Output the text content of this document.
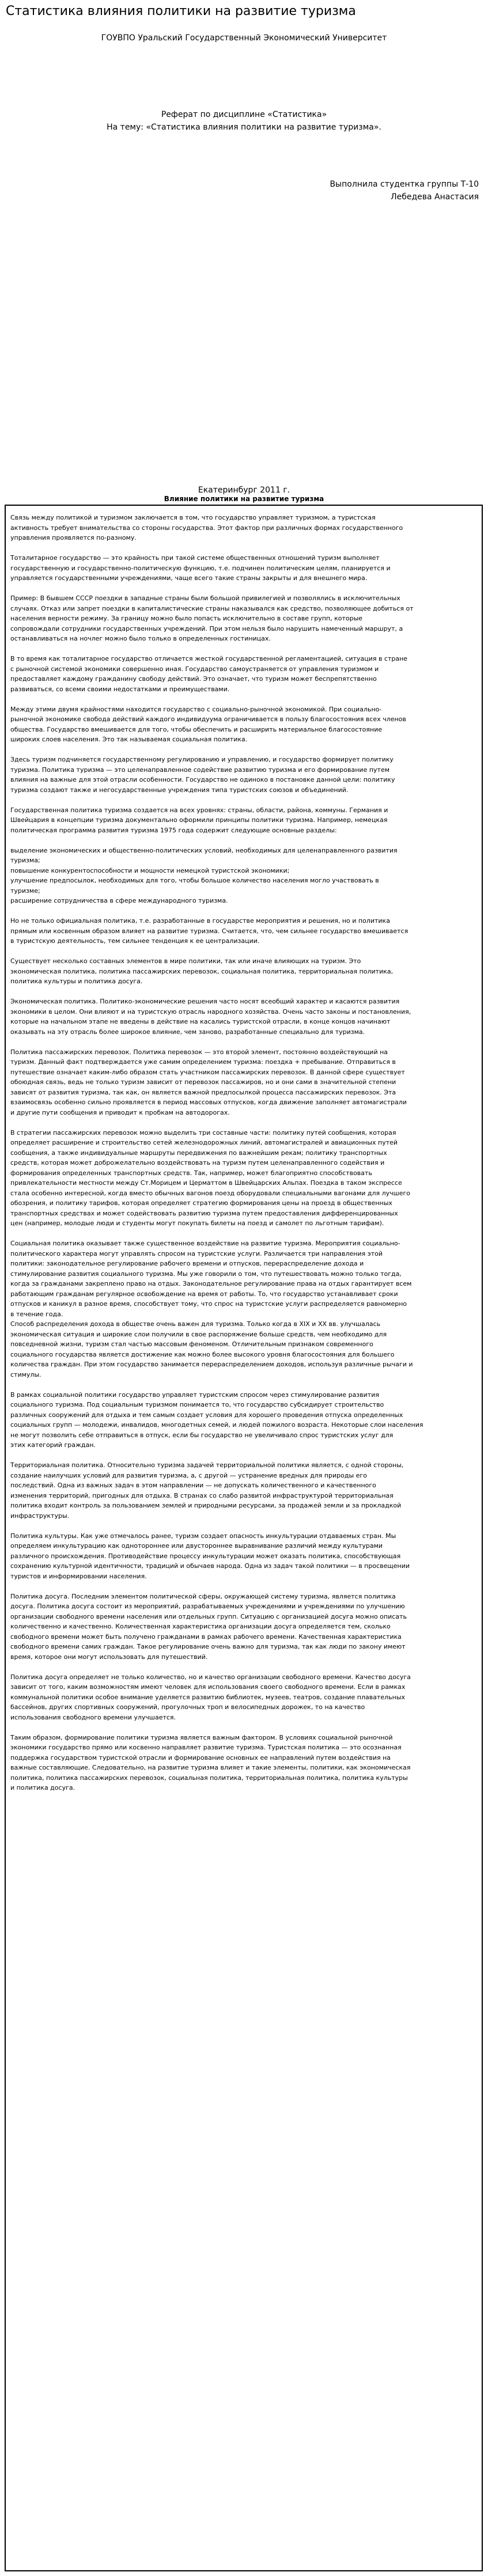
Статистика влияния политики на развитие туризма
ГОУВПО Уральский Государственный Экономический Университет
Реферат по дисциплине «Статистика»
На тему: «Статистика влияния политики на развитие туризма».
Выполнила студентка группы Т-10
Лебедева Анастасия
Екатеринбург 2011 г.
Влияние политики на развитие туризма

Связь между политикой и туризмом заключается в том, что государство управляет туризмом, а туристская
активность требует внимательства со стороны государства. Этот фактор при различных формах государственного
управления проявляется по-разному.

Тоталитарное государство — это крайность при такой системе общественных отношений туризм выполняет
государственную и государственно-политическую функцию, т.е. подчинен политическим целям, планируется и
управляется государственными учреждениями, чаще всего такие страны закрыты и для внешнего мира.

Пример: В бывшем СССР поездки в западные страны были большой привилегией и позволялись в исключительных
случаях. Отказ или запрет поездки в капиталистические страны наказывался как средство, позволяющее добиться от
населения верности режиму. За границу можно было попасть исключительно в составе групп, которые
сопровождали сотрудники государственных учреждений. При этом нельзя было нарушить намеченный маршрут, а
останавливаться на ночлег можно было только в определенных гостиницах.

В то время как тоталитарное государство отличается жесткой государственной регламентацией, ситуация в стране
с рыночной системой экономики совершенно иная. Государство самоустраняется от управления туризмом и
предоставляет каждому гражданину свободу действий. Это означает, что туризм может беспрепятственно
развиваться, со всеми своими недостатками и преимуществами.

Между этими двумя крайностями находится государство с социально-рыночной экономикой. При социально-
рыночной экономике свобода действий каждого индивидуума ограничивается в пользу благосостояния всех членов
общества. Государство вмешивается для того, чтобы обеспечить и расширить материальное благосостояние
широких слоев населения. Это так называемая социальная политика.

Здесь туризм подчиняется государственному регулированию и управлению, и государство формирует политику
туризма. Политика туризма — это целенаправленное содействие развитию туризма и его формирование путем
влияния на важные для этой отрасли особенности. Государство не одиноко в постановке данной цели: политику
туризма создают также и негосударственные учреждения типа туристских союзов и объединений.

Государственная политика туризма создается на всех уровнях: страны, области, района, коммуны. Германия и
Швейцария в концепции туризма документально оформили принципы политики туризма. Например, немецкая
политическая программа развития туризма 1975 года содержит следующие основные разделы:

выделение экономических и общественно-политических условий, необходимых для целенаправленного развития
туризма;
повышение конкурентоспособности и мощности немецкой туристской экономики;
улучшение предпосылок, необходимых для того, чтобы большое количество населения могло участвовать в
туризме;
расширение сотрудничества в сфере международного туризма.

Но не только официальная политика, т.е. разработанные в государстве мероприятия и решения, но и политика
прямым или косвенным образом влияет на развитие туризма. Считается, что, чем сильнее государство вмешивается
в туристскую деятельность, тем сильнее тенденция к ее централизации.

Существует несколько составных элементов в мире политики, так или иначе влияющих на туризм. Это
экономическая политика, политика пассажирских перевозок, социальная политика, территориальная политика,
политика культуры и политика досуга.

Экономическая политика. Политико-экономические решения часто носят всеобщий характер и касаются развития
экономики в целом. Они влияют и на туристскую отрасль народного хозяйства. Очень часто законы и постановления,
которые на начальном этапе не введены в действие на касались туристской отрасли, в конце концов начинают
оказывать на эту отрасль более широкое влияние, чем заново, разработанные специально для туризма.

Политика пассажирских перевозок. Политика перевозок — это второй элемент, постоянно воздействующий на
туризм. Данный факт подтверждается уже самим определением туризма: поездка + пребывание. Отправиться в
путешествие означает каким-либо образом стать участником пассажирских перевозок. В данной сфере существует
обоюдная связь, ведь не только туризм зависит от перевозок пассажиров, но и они сами в значительной степени
зависят от развития туризма, так как, он является важной предпосылкой процесса пассажирских перевозок. Эта
взаимосвязь особенно сильно проявляется в период массовых отпусков, когда движение заполняет автомагистрали
и другие пути сообщения и приводит к пробкам на автодорогах.

В стратегии пассажирских перевозок можно выделить три составные части: политику путей сообщения, которая
определяет расширение и строительство сетей железнодорожных линий, автомагистралей и авиационных путей
сообщения, а также индивидуальные маршруты передвижения по важнейшим рекам; политику транспортных
средств, которая может доброжелательно воздействовать на туризм путем целенаправленного содействия и
формирования определенных транспортных средств. Так, например, может благоприятно способствовать
привлекательности местности между Ст.Морицем и Церматтом в Швейцарских Альпах. Поездка в таком экспрессе
стала особенно интересной, когда вместо обычных вагонов поезд оборудовали специальными вагонами для лучшего
обозрения, и политику тарифов, которая определяет стратегию формирования цены на проезд в общественных
транспортных средствах и может содействовать развитию туризма путем предоставления дифференцированных
цен (например, молодые люди и студенты могут покупать билеты на поезд и самолет по льготным тарифам).

Социальная политика оказывает также существенное воздействие на развитие туризма. Мероприятия социально-
политического характера могут управлять спросом на туристские услуги. Различается три направления этой
политики: законодательное регулирование рабочего времени и отпусков, перераспределение дохода и
стимулирование развития социального туризма. Мы уже говорили о том, что путешествовать можно только тогда,
когда за гражданами закреплено право на отдых. Законодательное регулирование права на отдых гарантирует всем
работающим гражданам регулярное освобождение на время от работы. То, что государство устанавливает сроки
отпусков и каникул в разное время, способствует тому, что спрос на туристские услуги распределяется равномерно
в течение года.
Способ распределения дохода в обществе очень важен для туризма. Только когда в XIX и XX вв. улучшалась
экономическая ситуация и широкие слои получили в свое распоряжение больше средств, чем необходимо для
повседневной жизни, туризм стал частью массовым феноменом. Отличительным признаком современного
социального государства является достижение как можно более высокого уровня благосостояния для большего
количества граждан. При этом государство занимается перераспределением доходов, используя различные рычаги и
стимулы.

В рамках социальной политики государство управляет туристским спросом через стимулирование развития
социального туризма. Под социальным туризмом понимается то, что государство субсидирует строительство
различных сооружений для отдыха и тем самым создает условия для хорошего проведения отпуска определенных
социальных групп — молодежи, инвалидов, многодетных семей, и людей пожилого возраста. Некоторые слои населения
не могут позволить себе отправиться в отпуск, если бы государство не увеличивало спрос туристских услуг для
этих категорий граждан.

Территориальная политика. Относительно туризма задачей территориальной политики является, с одной стороны,
создание наилучших условий для развития туризма, а, с другой — устранение вредных для природы его
последствий. Одна из важных задач в этом направлении — не допускать количественного и качественного
изменения территорий, пригодных для отдыха. В странах со слабо развитой инфраструктурой территориальная
политика входит контроль за пользованием землей и природными ресурсами, за продажей земли и за прокладкой
инфраструктуры.

Политика культуры. Как уже отмечалось ранее, туризм создает опасность инкультурации отдаваемых стран. Мы
определяем инкультурацию как однотороннее или двустороннее выравнивание различий между культурами
различного происхождения. Противодействие процессу инкультурации может оказать политика, способствующая
сохранению культурной идентичности, традиций и обычаев народа. Одна из задач такой политики — в просвещении
туристов и информировании населения.

Политика досуга. Последним элементом политической сферы, окружающей систему туризма, является политика
досуга. Политика досуга состоит из мероприятий, разрабатываемых учреждениями и учреждениями по улучшению
организации свободного времени населения или отдельных групп. Ситуацию с организацией досуга можно описать
количественно и качественно. Количественная характеристика организации досуга определяется тем, сколько
свободного времени может быть получено гражданами в рамках рабочего времени. Качественная характеристика
свободного времени самих граждан. Такое регулирование очень важно для туризма, так как люди по закону имеют
время, которое они могут использовать для путешествий.

Политика досуга определяет не только количество, но и качество организации свободного времени. Качество досуга
зависит от того, каким возможностям имеют человек для использования своего свободного времени. Если в рамках
коммунальной политики особое внимание уделяется развитию библиотек, музеев, театров, создание плавательных
бассейнов, других спортивных сооружений, прогулочных троп и велосипедных дорожек, то на качество
использования свободного времени улучшается.

Таким образом, формирование политики туризма является важным фактором. В условиях социальной рыночной
экономики государство прямо или косвенно направляет развитие туризма. Туристская политика — это осознанная
поддержка государством туристской отрасли и формирование основных ее направлений путем воздействия на
важные составляющие. Следовательно, на развитие туризма влияет и такие элементы, политики, как экономическая
политика, политика пассажирских перевозок, социальная политика, территориальная политика, политика культуры
и политика досуга.
